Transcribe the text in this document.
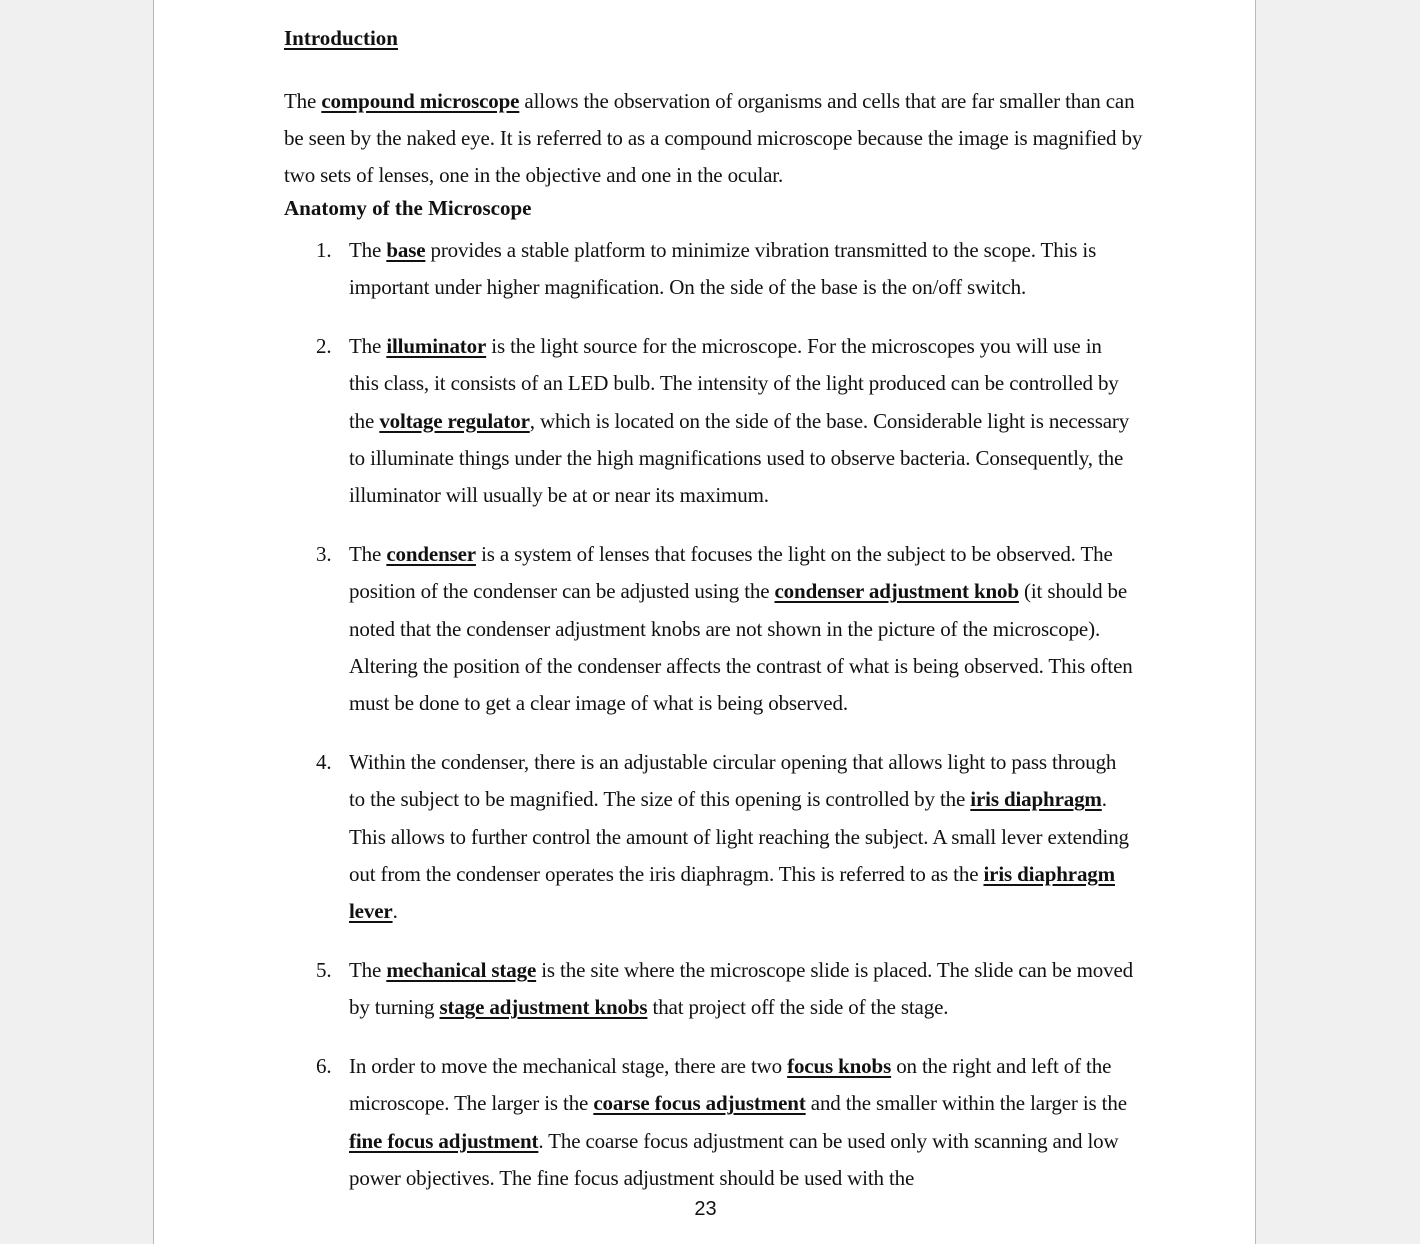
Introduction

The compound microscope allows the observation of organisms and cells that are far smaller than can be seen by the naked eye. It is referred to as a compound microscope because the image is magnified by two sets of lenses, one in the objective and one in the ocular.

Anatomy of the Microscope
1. The base provides a stable platform to minimize vibration transmitted to the scope. This is important under higher magnification. On the side of the base is the on/off switch.
2. The illuminator is the light source for the microscope. For the microscopes you will use in this class, it consists of an LED bulb. The intensity of the light produced can be controlled by the voltage regulator, which is located on the side of the base. Considerable light is necessary to illuminate things under the high magnifications used to observe bacteria. Consequently, the illuminator will usually be at or near its maximum.
3. The condenser is a system of lenses that focuses the light on the subject to be observed. The position of the condenser can be adjusted using the condenser adjustment knob (it should be noted that the condenser adjustment knobs are not shown in the picture of the microscope). Altering the position of the condenser affects the contrast of what is being observed. This often must be done to get a clear image of what is being observed.
4. Within the condenser, there is an adjustable circular opening that allows light to pass through to the subject to be magnified. The size of this opening is controlled by the iris diaphragm. This allows to further control the amount of light reaching the subject. A small lever extending out from the condenser operates the iris diaphragm. This is referred to as the iris diaphragm lever.
5. The mechanical stage is the site where the microscope slide is placed. The slide can be moved by turning stage adjustment knobs that project off the side of the stage.
6. In order to move the mechanical stage, there are two focus knobs on the right and left of the microscope. The larger is the coarse focus adjustment and the smaller within the larger is the fine focus adjustment. The coarse focus adjustment can be used only with scanning and low power objectives. The fine focus adjustment should be used with the

23
